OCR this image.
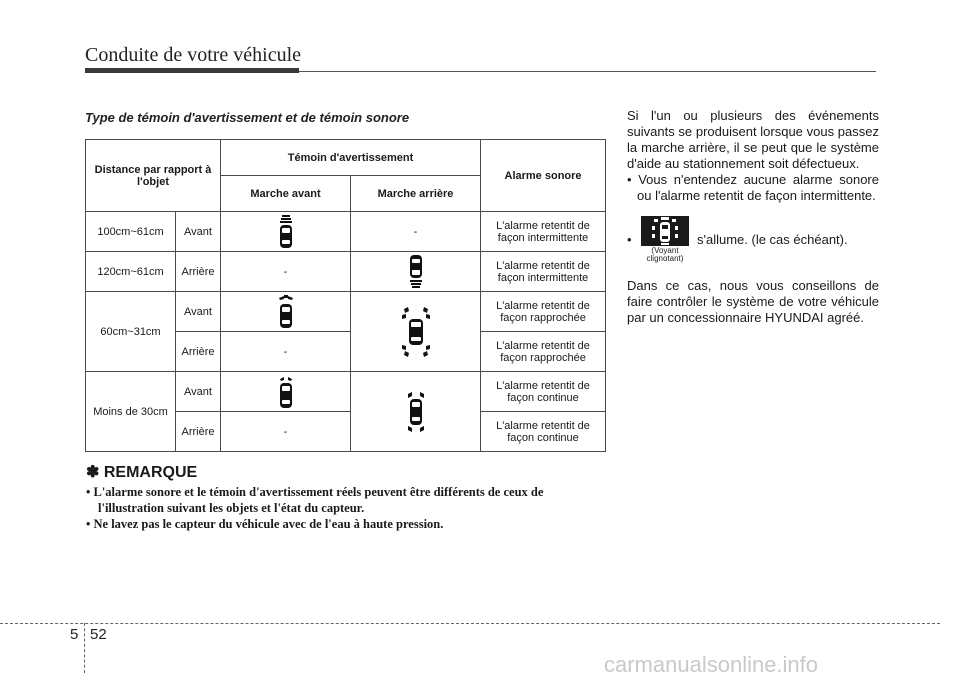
Conduite de votre véhicule
Type de témoin d'avertissement et de témoin sonore
Distance par rapport à l'objet		Témoin d'avertissement		Alarme sonore
		Marche avant	Marche arrière	
100cm~61cm	Avant		-	L'alarme retentit de façon intermittente
120cm~61cm	Arrière	-		L'alarme retentit de façon intermittente
60cm~31cm	Avant			L'alarme retentit de façon rapprochée
	Arrière	-		L'alarme retentit de façon rapprochée
Moins de 30cm	Avant			L'alarme retentit de façon continue
	Arrière	-		L'alarme retentit de façon continue
✽ REMARQUE
• L'alarme sonore et le témoin d'avertissement réels peuvent être différents de ceux de l'illustration suivant les objets et l'état du capteur.
• Ne lavez pas le capteur du véhicule avec de l'eau à haute pression.

Si l'un ou plusieurs des événements suivants se produisent lorsque vous passez la marche arrière, il se peut que le système d'aide au stationnement soit défectueux.

• Vous n'entendez aucune alarme sonore ou l'alarme retentit de façon intermittente.

•
(Voyant clignotant)
s'allume. (le cas échéant).

Dans ce cas, nous vous conseillons de faire contrôler le système de votre véhicule par un concessionnaire HYUNDAI agréé.

5 52
carmanualsonline.info
